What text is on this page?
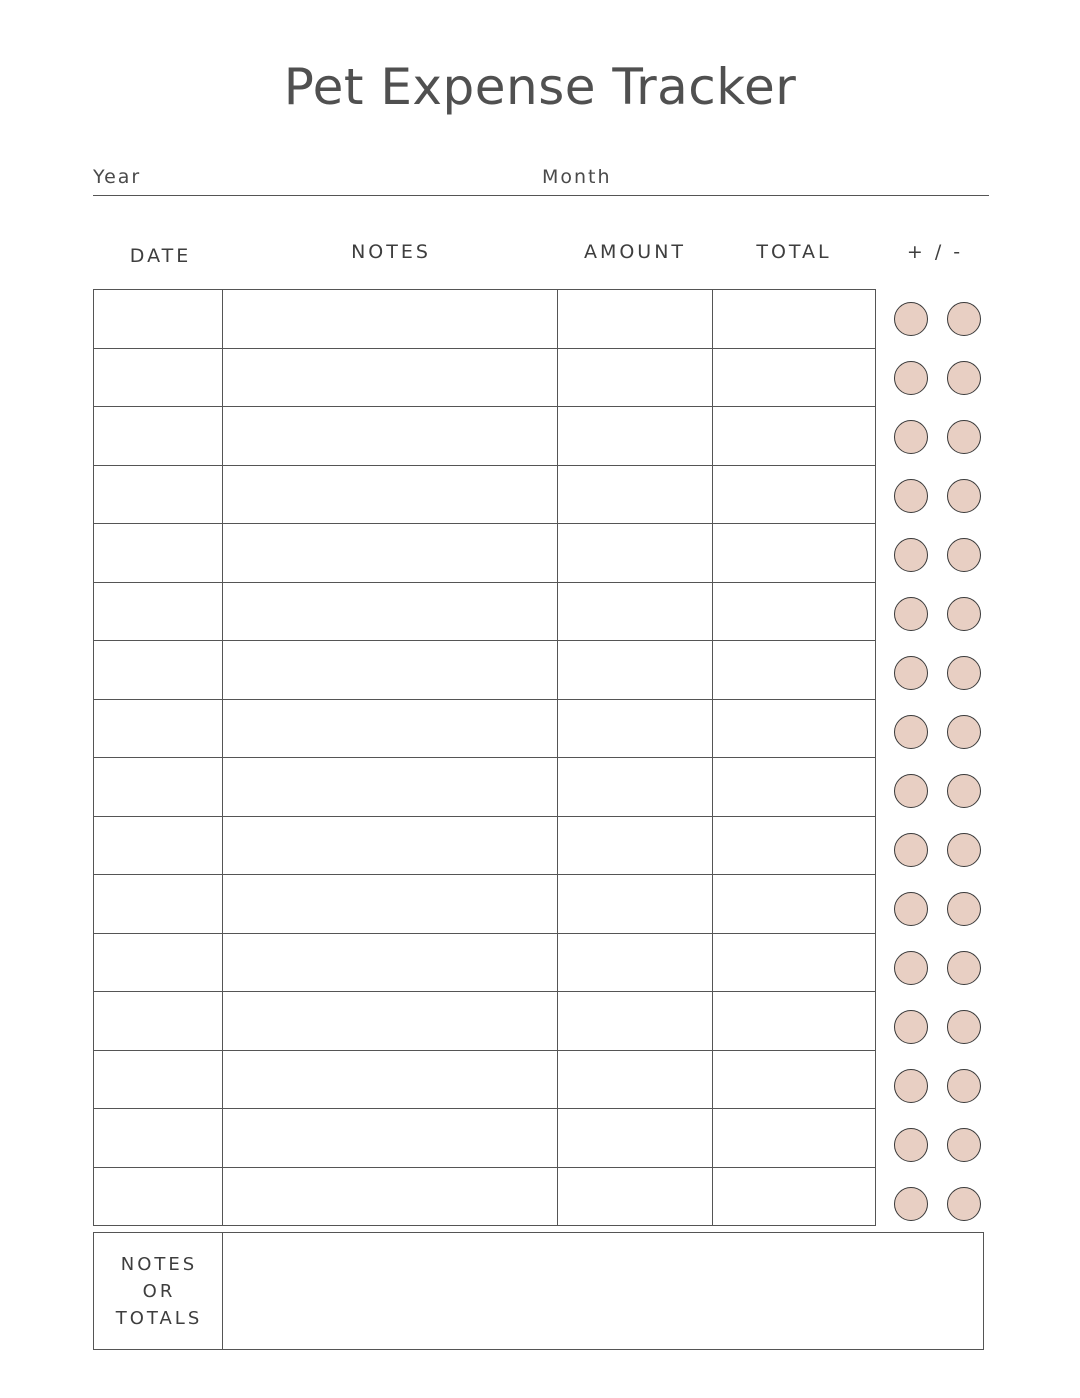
Pet Expense Tracker
Year	Month
DATE	NOTES	AMOUNT	TOTAL	+ / -

NOTES
OR
TOTALS
